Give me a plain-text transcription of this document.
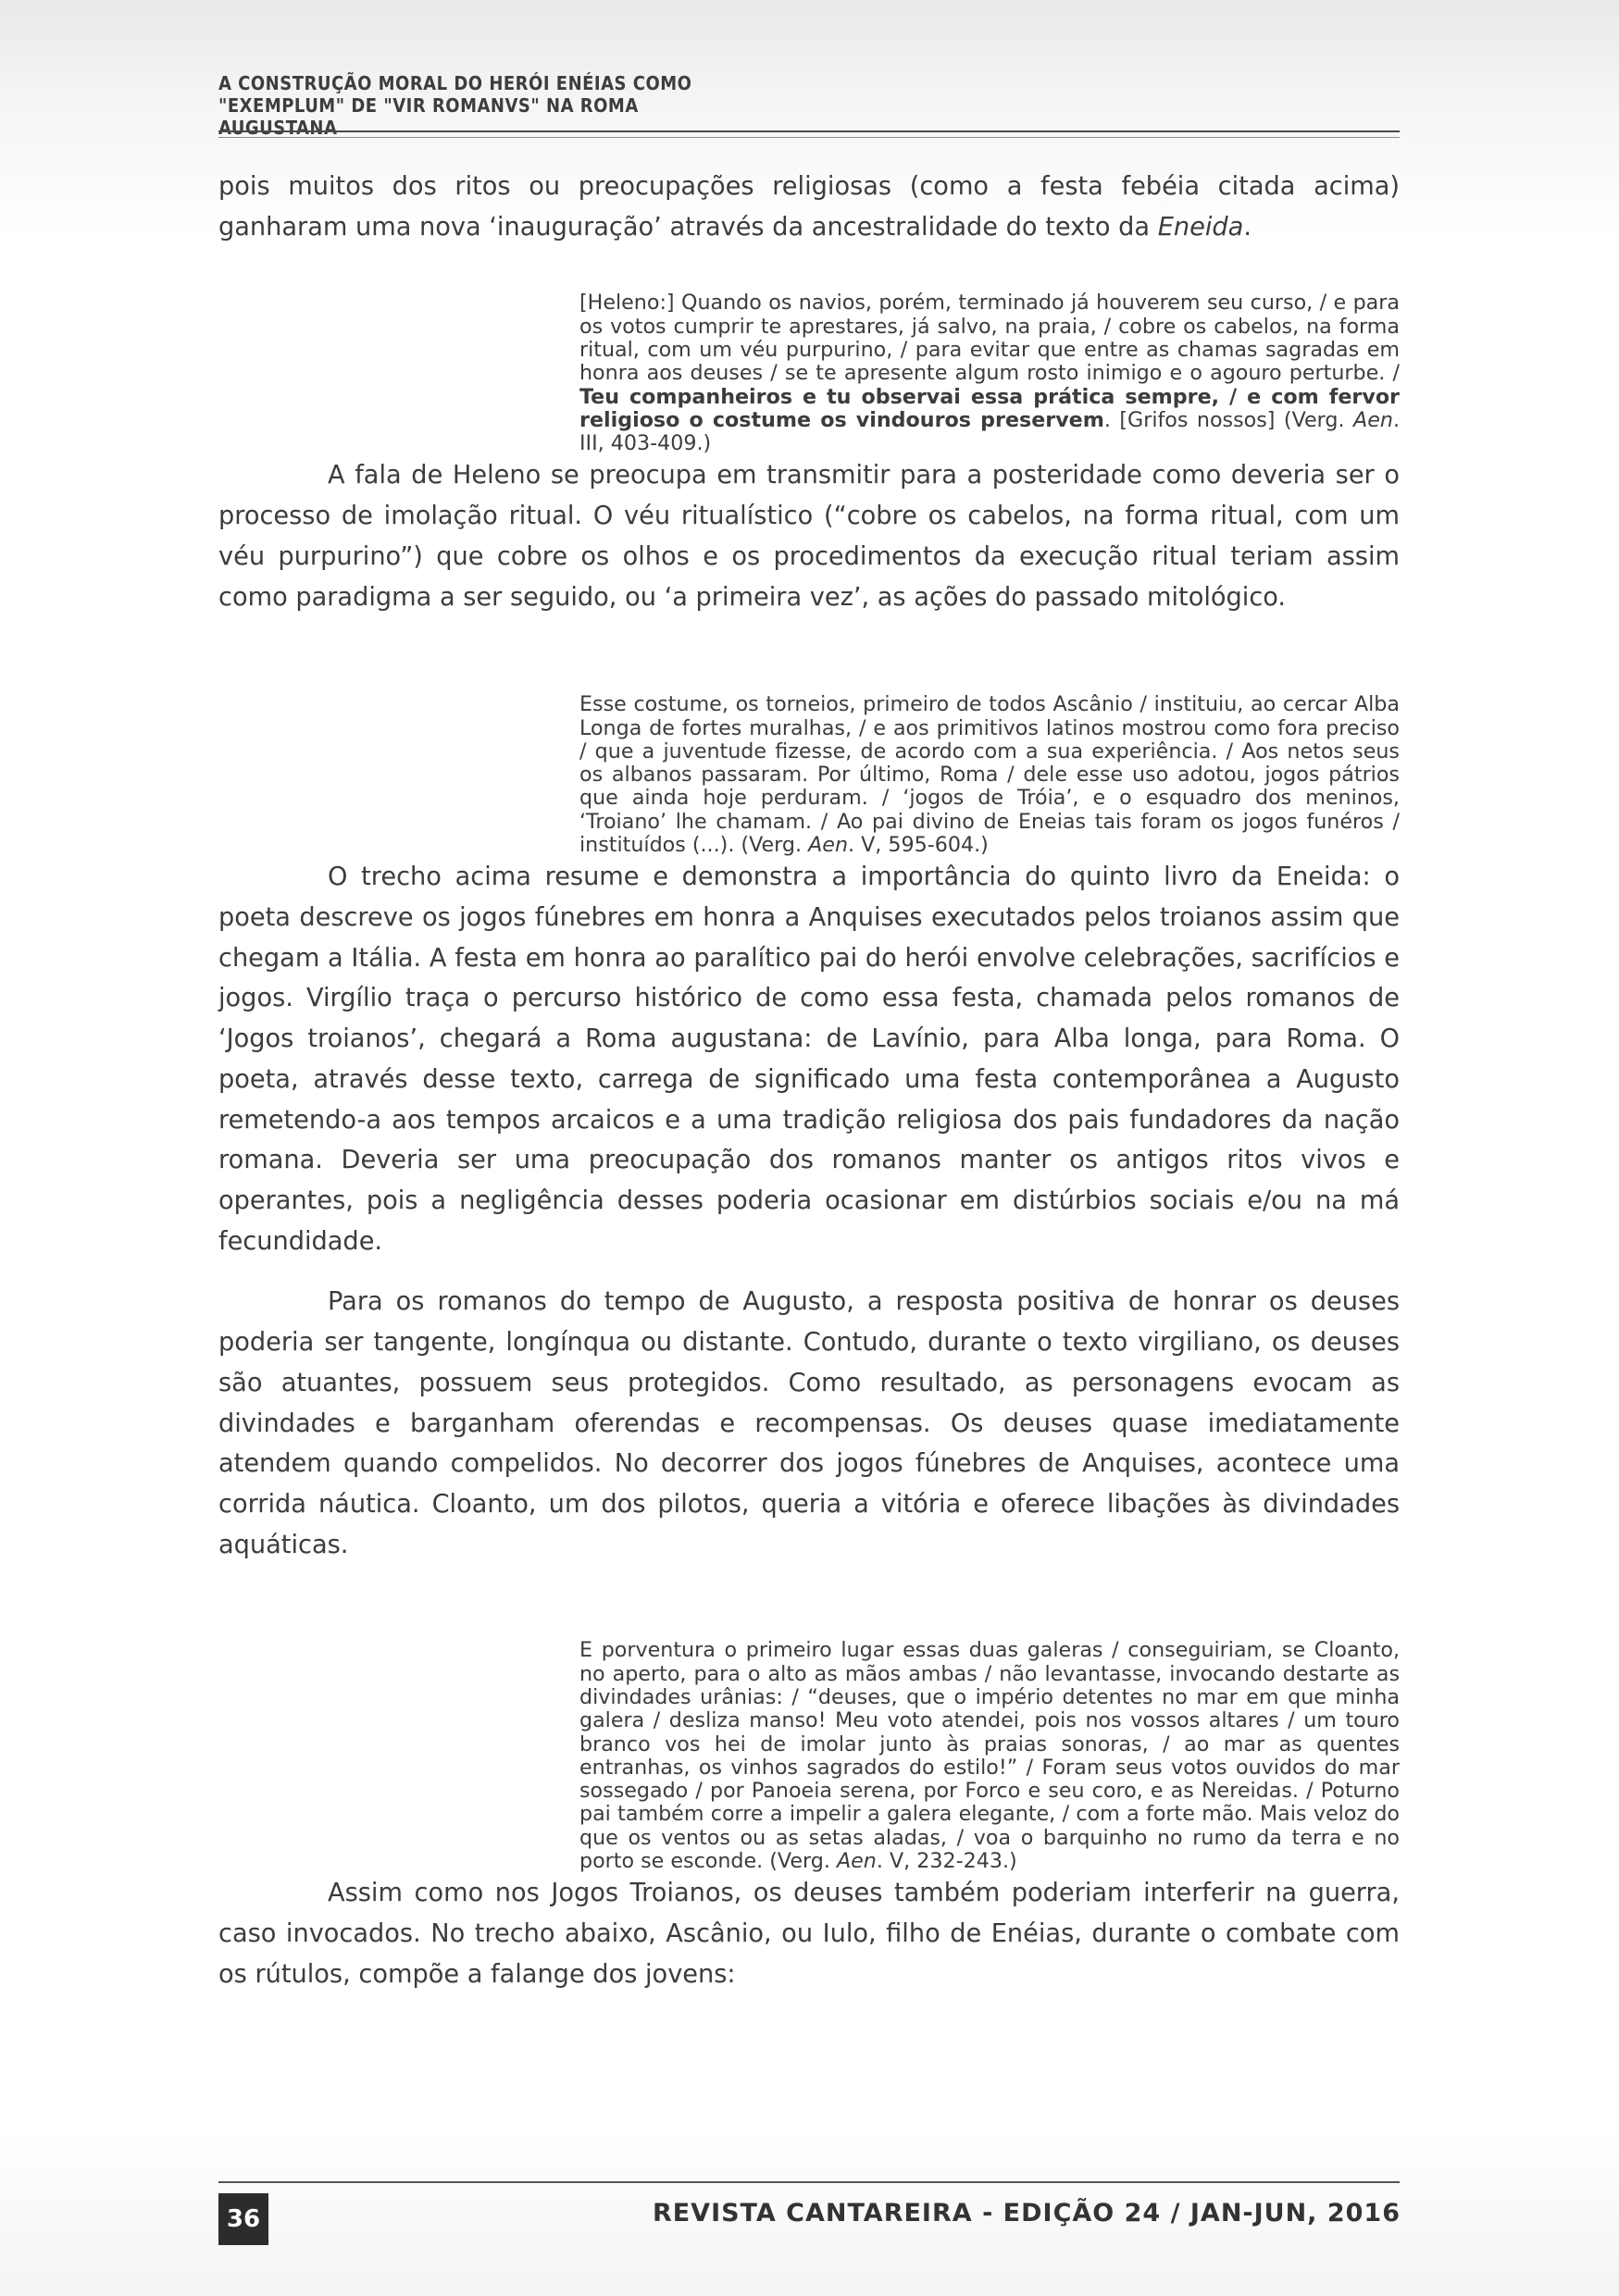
A CONSTRUÇÃO MORAL DO HERÓI ENÉIAS COMO "EXEMPLUM" DE "VIR ROMANVS" NA ROMA AUGUSTANA

pois muitos dos ritos ou preocupações religiosas (como a festa febéia citada acima) ganharam uma nova ‘inauguração’ através da ancestralidade do texto da Eneida.

[Heleno:] Quando os navios, porém, terminado já houverem seu curso, / e para os votos cumprir te aprestares, já salvo, na praia, / cobre os cabelos, na forma ritual, com um véu purpurino, / para evitar que entre as chamas sagradas em honra aos deuses / se te apresente algum rosto inimigo e o agouro perturbe. / Teu companheiros e tu observai essa prática sempre, / e com fervor religioso o costume os vindouros preservem. [Grifos nossos] (Verg. Aen. III, 403-409.)

A fala de Heleno se preocupa em transmitir para a posteridade como deveria ser o processo de imolação ritual. O véu ritualístico (“cobre os cabelos, na forma ritual, com um véu purpurino”) que cobre os olhos e os procedimentos da execução ritual teriam assim como paradigma a ser seguido, ou ‘a primeira vez’, as ações do passado mitológico.

Esse costume, os torneios, primeiro de todos Ascânio / instituiu, ao cercar Alba Longa de fortes muralhas, / e aos primitivos latinos mostrou como fora preciso / que a juventude fizesse, de acordo com a sua experiência. / Aos netos seus os albanos passaram. Por último, Roma / dele esse uso adotou, jogos pátrios que ainda hoje perduram. / ‘jogos de Tróia’, e o esquadro dos meninos, ‘Troiano’ lhe chamam. / Ao pai divino de Eneias tais foram os jogos funéros / instituídos (...). (Verg. Aen. V, 595-604.)

O trecho acima resume e demonstra a importância do quinto livro da Eneida: o poeta descreve os jogos fúnebres em honra a Anquises executados pelos troianos assim que chegam a Itália. A festa em honra ao paralítico pai do herói envolve celebrações, sacrifícios e jogos. Virgílio traça o percurso histórico de como essa festa, chamada pelos romanos de ‘Jogos troianos’, chegará a Roma augustana: de Lavínio, para Alba longa, para Roma. O poeta, através desse texto, carrega de significado uma festa contemporânea a Augusto remetendo-a aos tempos arcaicos e a uma tradição religiosa dos pais fundadores da nação romana. Deveria ser uma preocupação dos romanos manter os antigos ritos vivos e operantes, pois a negligência desses poderia ocasionar em distúrbios sociais e/ou na má fecundidade.

Para os romanos do tempo de Augusto, a resposta positiva de honrar os deuses poderia ser tangente, longínqua ou distante. Contudo, durante o texto virgiliano, os deuses são atuantes, possuem seus protegidos. Como resultado, as personagens evocam as divindades e barganham oferendas e recompensas. Os deuses quase imediatamente atendem quando compelidos. No decorrer dos jogos fúnebres de Anquises, acontece uma corrida náutica. Cloanto, um dos pilotos, queria a vitória e oferece libações às divindades aquáticas.

E porventura o primeiro lugar essas duas galeras / conseguiriam, se Cloanto, no aperto, para o alto as mãos ambas / não levantasse, invocando destarte as divindades urânias: / “deuses, que o império detentes no mar em que minha galera / desliza manso! Meu voto atendei, pois nos vossos altares / um touro branco vos hei de imolar junto às praias sonoras, / ao mar as quentes entranhas, os vinhos sagrados do estilo!” / Foram seus votos ouvidos do mar sossegado / por Panoeia serena, por Forco e seu coro, e as Nereidas. / Poturno pai também corre a impelir a galera elegante, / com a forte mão. Mais veloz do que os ventos ou as setas aladas, / voa o barquinho no rumo da terra e no porto se esconde. (Verg. Aen. V, 232-243.)

Assim como nos Jogos Troianos, os deuses também poderiam interferir na guerra, caso invocados. No trecho abaixo, Ascânio, ou Iulo, filho de Enéias, durante o combate com os rútulos, compõe a falange dos jovens:

36	REVISTA CANTAREIRA - EDIÇÃO 24 / JAN-JUN, 2016
